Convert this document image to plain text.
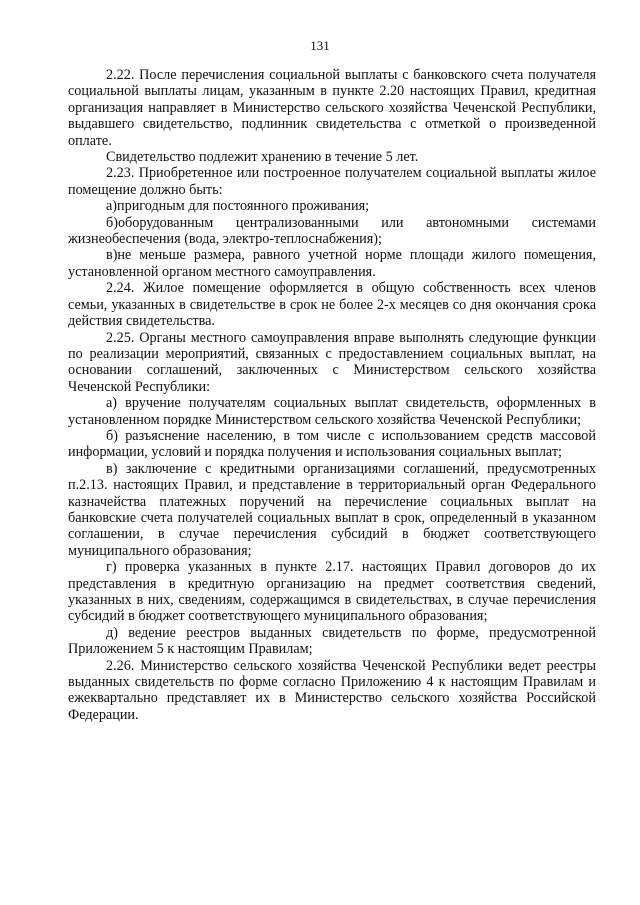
131

2.22. После перечисления социальной выплаты с банковского счета получателя социальной выплаты лицам, указанным в пункте 2.20 настоящих Правил, кредитная организация направляет в Министерство сельского хозяйства Чеченской Республики, выдавшего свидетельство, подлинник свидетельства с отметкой о произведенной оплате.

Свидетельство подлежит хранению в течение 5 лет.

2.23. Приобретенное или построенное получателем социальной выплаты жилое помещение должно быть:

а)пригодным для постоянного проживания;

б)оборудованным централизованными или автономными системами жизнеобеспечения (вода, электро-теплоснабжения);

в)не меньше размера, равного учетной норме площади жилого помещения, установленной органом местного самоуправления.

2.24. Жилое помещение оформляется в общую собственность всех членов семьи, указанных в свидетельстве в срок не более 2-х месяцев со дня окончания срока действия свидетельства.

2.25. Органы местного самоуправления вправе выполнять следующие функции по реализации мероприятий, связанных с предоставлением социальных выплат, на основании соглашений, заключенных с Министерством сельского хозяйства Чеченской Республики:

а) вручение получателям социальных выплат свидетельств, оформленных в установленном порядке Министерством сельского хозяйства Чеченской Республики;

б) разъяснение населению, в том числе с использованием средств массовой информации, условий и порядка получения и использования социальных выплат;

в) заключение с кредитными организациями соглашений, предусмотренных п.2.13. настоящих Правил, и представление в территориальный орган Федерального казначейства платежных поручений на перечисление социальных выплат на банковские счета получателей социальных выплат в срок, определенный в указанном соглашении, в случае перечисления субсидий в бюджет соответствующего муниципального образования;

г) проверка указанных в пункте 2.17. настоящих Правил договоров до их представления в кредитную организацию на предмет соответствия сведений, указанных в них, сведениям, содержащимся в свидетельствах, в случае перечисления субсидий в бюджет соответствующего муниципального образования;

д) ведение реестров выданных свидетельств по форме, предусмотренной Приложением 5 к настоящим Правилам;

2.26. Министерство сельского хозяйства Чеченской Республики ведет реестры выданных свидетельств по форме согласно Приложению 4 к настоящим Правилам и ежеквартально представляет их в Министерство сельского хозяйства Российской Федерации.
